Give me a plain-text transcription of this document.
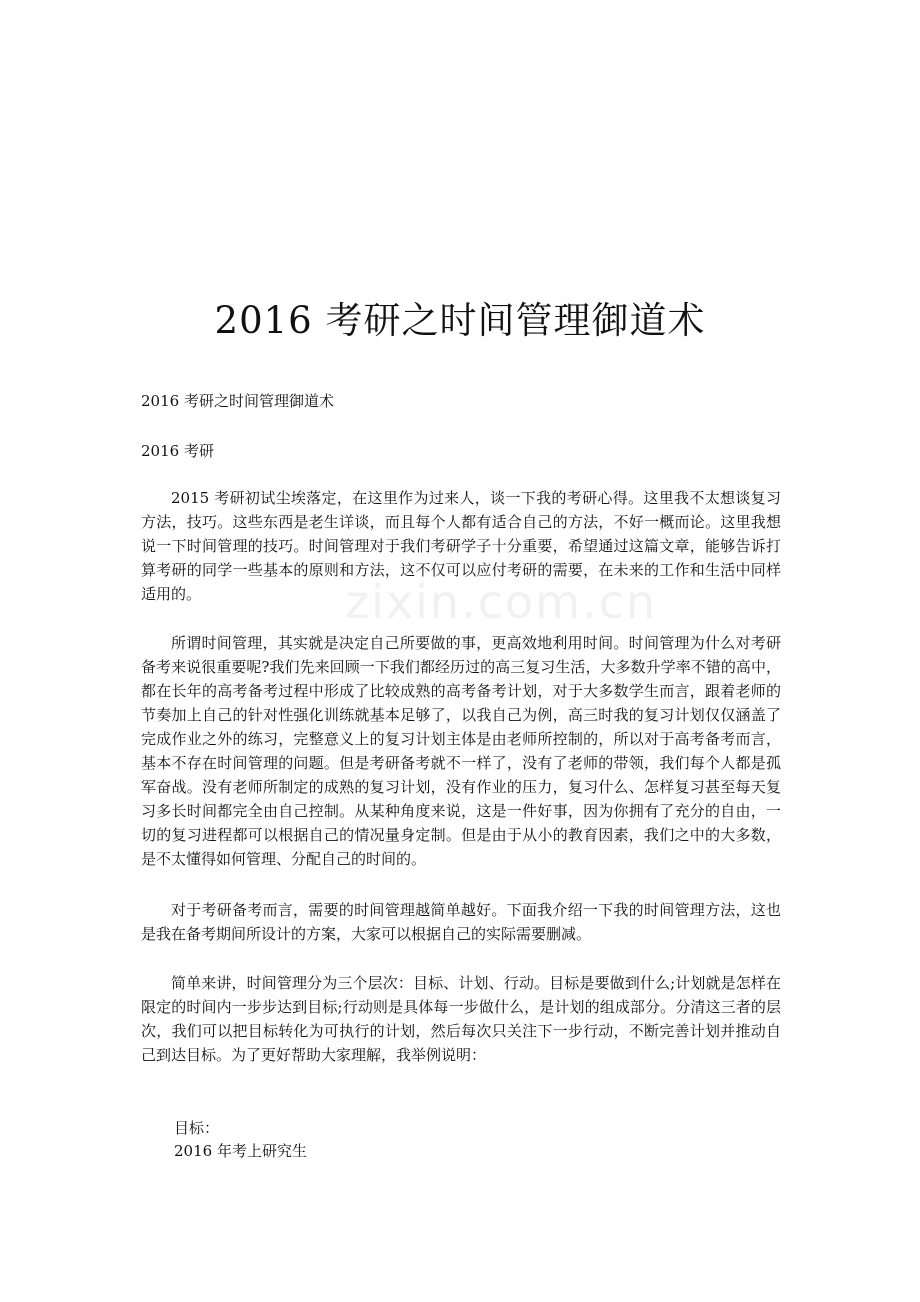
zixin.com.cn
2016 考研之时间管理御道术

2016 考研之时间管理御道术

2016 考研

2015 考研初试尘埃落定，在这里作为过来人，谈一下我的考研心得。这里我不太想谈复习方法，技巧。这些东西是老生详谈，而且每个人都有适合自己的方法，不好一概而论。这里我想说一下时间管理的技巧。时间管理对于我们考研学子十分重要，希望通过这篇文章，能够告诉打算考研的同学一些基本的原则和方法，这不仅可以应付考研的需要，在未来的工作和生活中同样适用的。

所谓时间管理，其实就是决定自己所要做的事，更高效地利用时间。时间管理为什么对考研备考来说很重要呢?我们先来回顾一下我们都经历过的高三复习生活，大多数升学率不错的高中，都在长年的高考备考过程中形成了比较成熟的高考备考计划，对于大多数学生而言，跟着老师的节奏加上自己的针对性强化训练就基本足够了，以我自己为例，高三时我的复习计划仅仅涵盖了完成作业之外的练习，完整意义上的复习计划主体是由老师所控制的，所以对于高考备考而言，基本不存在时间管理的问题。但是考研备考就不一样了，没有了老师的带领，我们每个人都是孤军奋战。没有老师所制定的成熟的复习计划，没有作业的压力，复习什么、怎样复习甚至每天复习多长时间都完全由自己控制。从某种角度来说，这是一件好事，因为你拥有了充分的自由，一切的复习进程都可以根据自己的情况量身定制。但是由于从小的教育因素，我们之中的大多数，是不太懂得如何管理、分配自己的时间的。

对于考研备考而言，需要的时间管理越简单越好。下面我介绍一下我的时间管理方法，这也是我在备考期间所设计的方案，大家可以根据自己的实际需要删减。

简单来讲，时间管理分为三个层次：目标、计划、行动。目标是要做到什么;计划就是怎样在限定的时间内一步步达到目标;行动则是具体每一步做什么，是计划的组成部分。分清这三者的层次，我们可以把目标转化为可执行的计划，然后每次只关注下一步行动，不断完善计划并推动自己到达目标。为了更好帮助大家理解，我举例说明：

目标：

2016 年考上研究生
